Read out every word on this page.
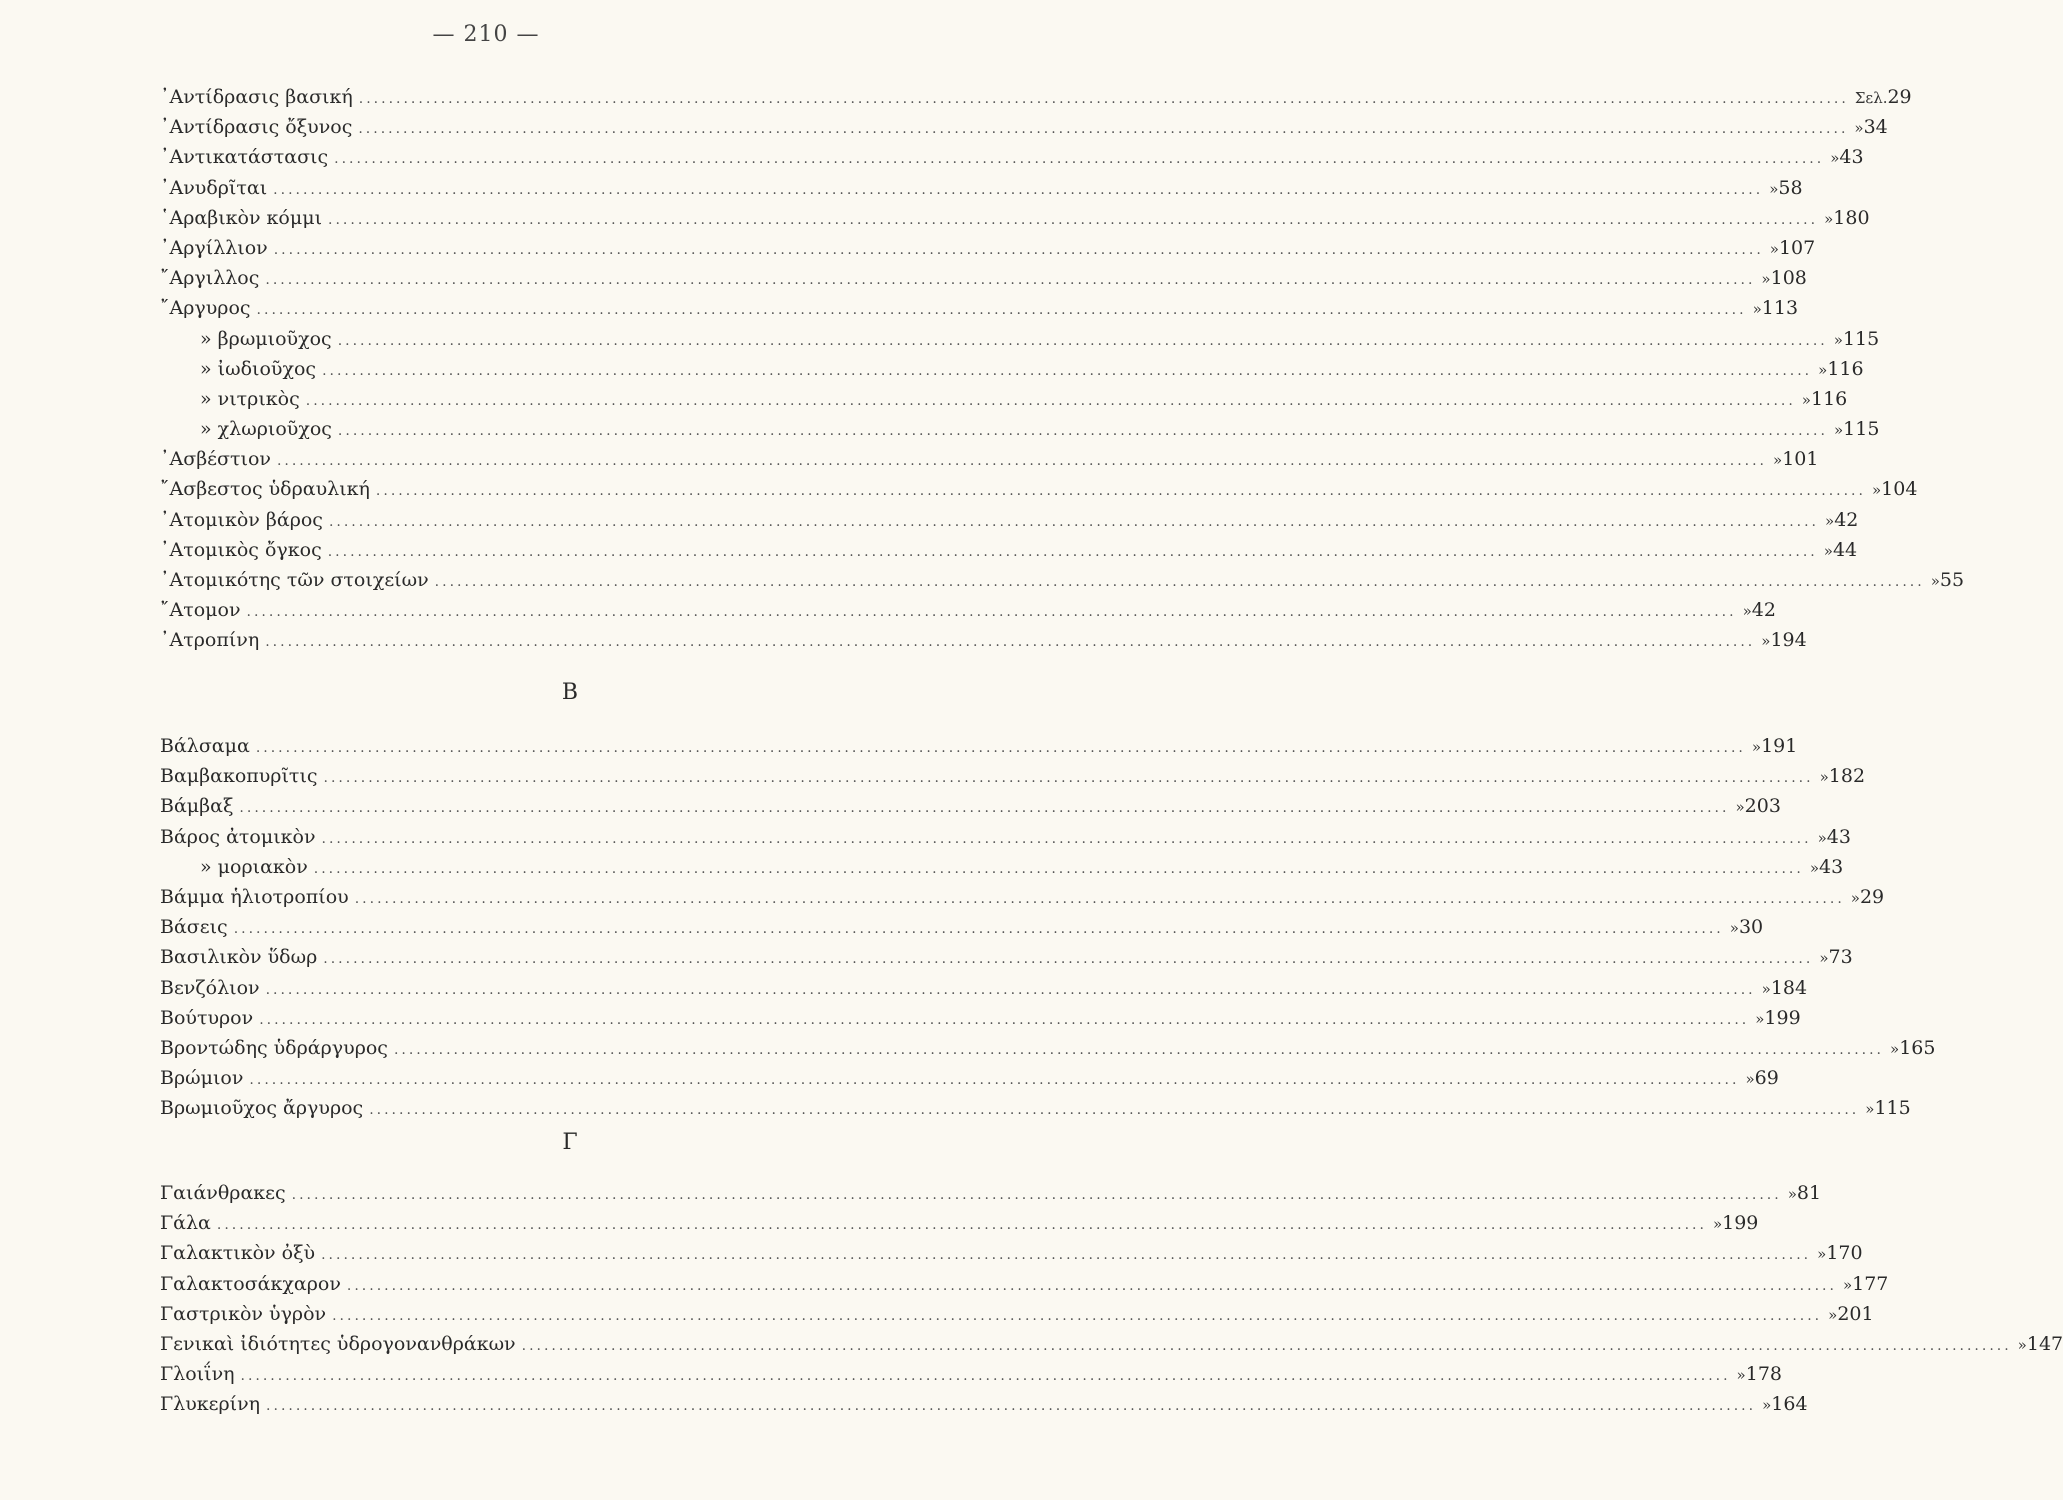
— 210 —
᾽Αντίδρασις βασική ........................................................................................................................................................................................................ Σελ. 29
᾽Αντίδρασις ὄξυνος ........................................................................................................................................................................................................ » 34
᾽Αντικατάστασις ........................................................................................................................................................................................................ » 43
᾽Ανυδρῖται ........................................................................................................................................................................................................ » 58
῾Αραβικὸν κόμμι ........................................................................................................................................................................................................ » 180
᾽Αργίλλιον ........................................................................................................................................................................................................ » 107
῎Αργιλλος ........................................................................................................................................................................................................ » 108
῎Αργυρος ........................................................................................................................................................................................................ » 113
» βρωμιοῦχος ........................................................................................................................................................................................................ » 115
» ἰωδιοῦχος ........................................................................................................................................................................................................ » 116
» νιτρικὸς ........................................................................................................................................................................................................ » 116
» χλωριοῦχος ........................................................................................................................................................................................................ » 115
᾽Ασβέστιον ........................................................................................................................................................................................................ » 101
῎Ασβεστος ὑδραυλική ........................................................................................................................................................................................................ » 104
᾽Ατομικὸν βάρος ........................................................................................................................................................................................................ » 42
᾽Ατομικὸς ὄγκος ........................................................................................................................................................................................................ » 44
᾽Ατομικότης τῶν στοιχείων ........................................................................................................................................................................................................ » 55
῎Ατομον ........................................................................................................................................................................................................ » 42
᾽Ατροπίνη ........................................................................................................................................................................................................ » 194
Β
Βάλσαμα ........................................................................................................................................................................................................ » 191
Βαμβακοπυρῖτις ........................................................................................................................................................................................................ » 182
Βάμβαξ ........................................................................................................................................................................................................ » 203
Βάρος ἀτομικὸν ........................................................................................................................................................................................................ » 43
» μοριακὸν ........................................................................................................................................................................................................ » 43
Βάμμα ἡλιοτροπίου ........................................................................................................................................................................................................ » 29
Βάσεις ........................................................................................................................................................................................................ » 30
Βασιλικὸν ὕδωρ ........................................................................................................................................................................................................ » 73
Βενζόλιον ........................................................................................................................................................................................................ » 184
Βούτυρον ........................................................................................................................................................................................................ » 199
Βροντώδης ὑδράργυρος ........................................................................................................................................................................................................ » 165
Βρώμιον ........................................................................................................................................................................................................ » 69
Βρωμιοῦχος ἄργυρος ........................................................................................................................................................................................................ » 115
Γ
Γαιάνθρακες ........................................................................................................................................................................................................ » 81
Γάλα ........................................................................................................................................................................................................ » 199
Γαλακτικὸν ὀξὺ ........................................................................................................................................................................................................ » 170
Γαλακτοσάκχαρον ........................................................................................................................................................................................................ » 177
Γαστρικὸν ὑγρὸν ........................................................................................................................................................................................................ » 201
Γενικαὶ ἰδιότητες ὑδρογονανθράκων ........................................................................................................................................................................................................ » 147
Γλοιΐνη ........................................................................................................................................................................................................ » 178
Γλυκερίνη ........................................................................................................................................................................................................ » 164
